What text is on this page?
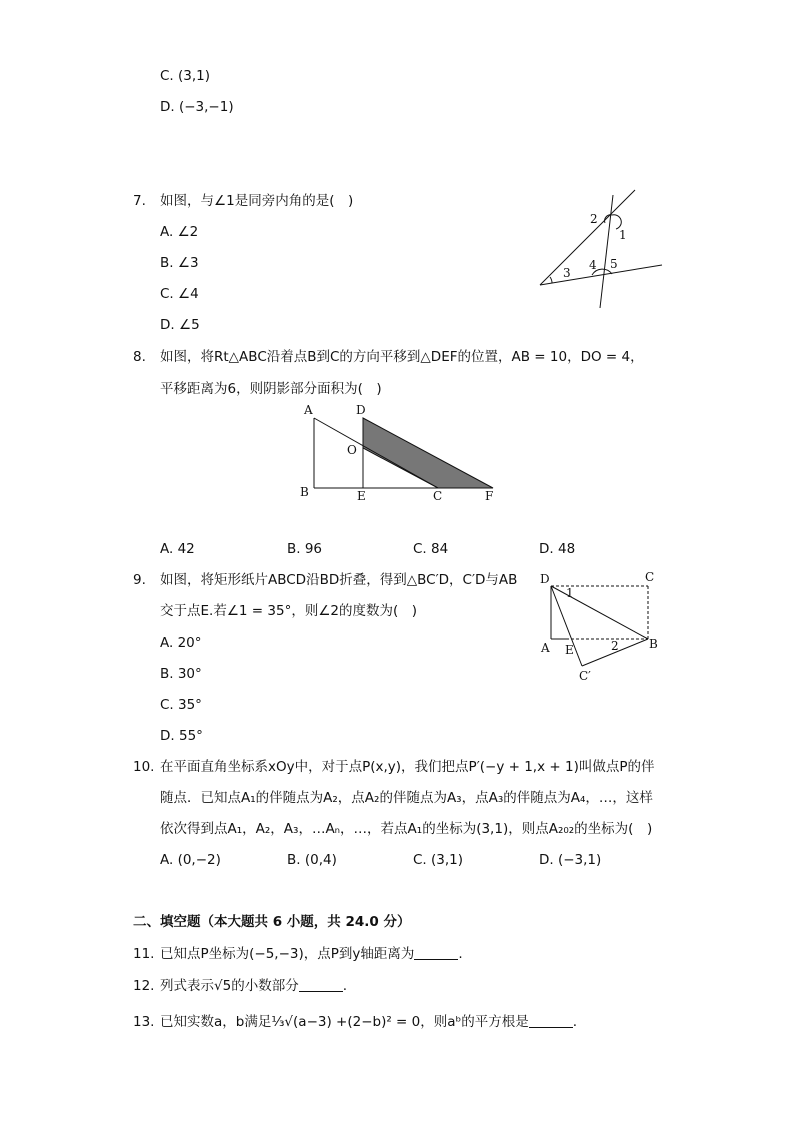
C. (3,1)
D. (−3,−1)
7. 如图，与∠1是同旁内角的是(　)
A. ∠2
B. ∠3
C. ∠4
D. ∠5
1
2
3
4 5
8. 如图，将Rt△ABC沿着点B到C的方向平移到△DEF的位置，AB = 10，DO = 4，
平移距离为6，则阴影部分面积为(　)
A	D
O
B	E	C	F
A. 42	B. 96	C. 84	D. 48
9. 如图，将矩形纸片ABCD沿BD折叠，得到△BC′D，C′D与AB
交于点E.若∠1 = 35°，则∠2的度数为(　)
A. 20°
B. 30°
C. 35°
D. 55°
D	C
1
A E	2	B
C′
10. 在平面直角坐标系xOy中，对于点P(x,y)，我们把点P′(−y + 1,x + 1)叫做点P的伴
随点．已知点A₁的伴随点为A₂，点A₂的伴随点为A₃，点A₃的伴随点为A₄，…，这样
依次得到点A₁，A₂，A₃，…Aₙ，…，若点A₁的坐标为(3,1)，则点A₂₀₂的坐标为(　)
A. (0,−2)	B. (0,4)	C. (3,1)	D. (−3,1)
二、填空题（本大题共 6 小题，共 24.0 分）
11. 已知点P坐标为(−5,−3)，点P到y轴距离为	.
12. 列式表示√5的小数部分	.
13. 已知实数a，b满足⅓√(a−3) +(2−b)² = 0，则aᵇ的平方根是	.
